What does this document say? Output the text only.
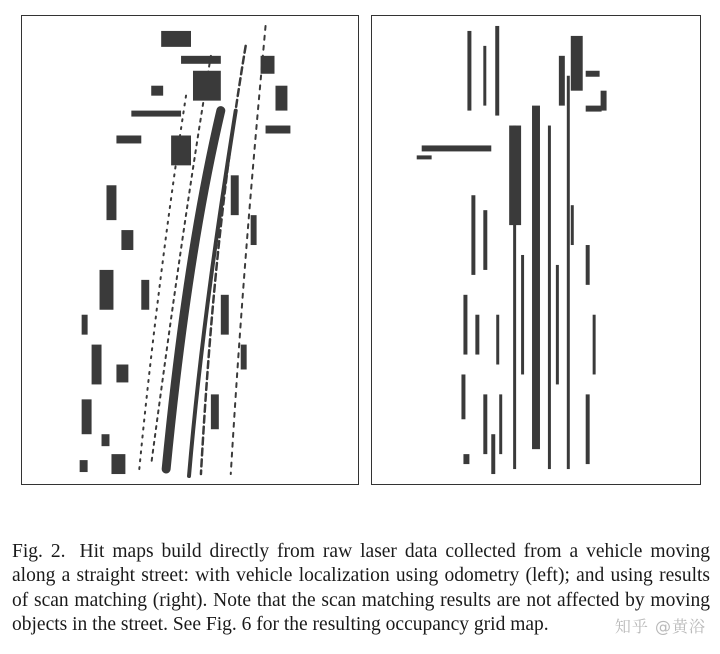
Fig. 2. Hit maps build directly from raw laser data collected from a vehicle moving along a straight street: with vehicle localization using odometry (left); and using results of scan matching (right). Note that the scan matching results are not affected by moving objects in the street. See Fig. 6 for the resulting occupancy grid map.	知乎 @黄浴
